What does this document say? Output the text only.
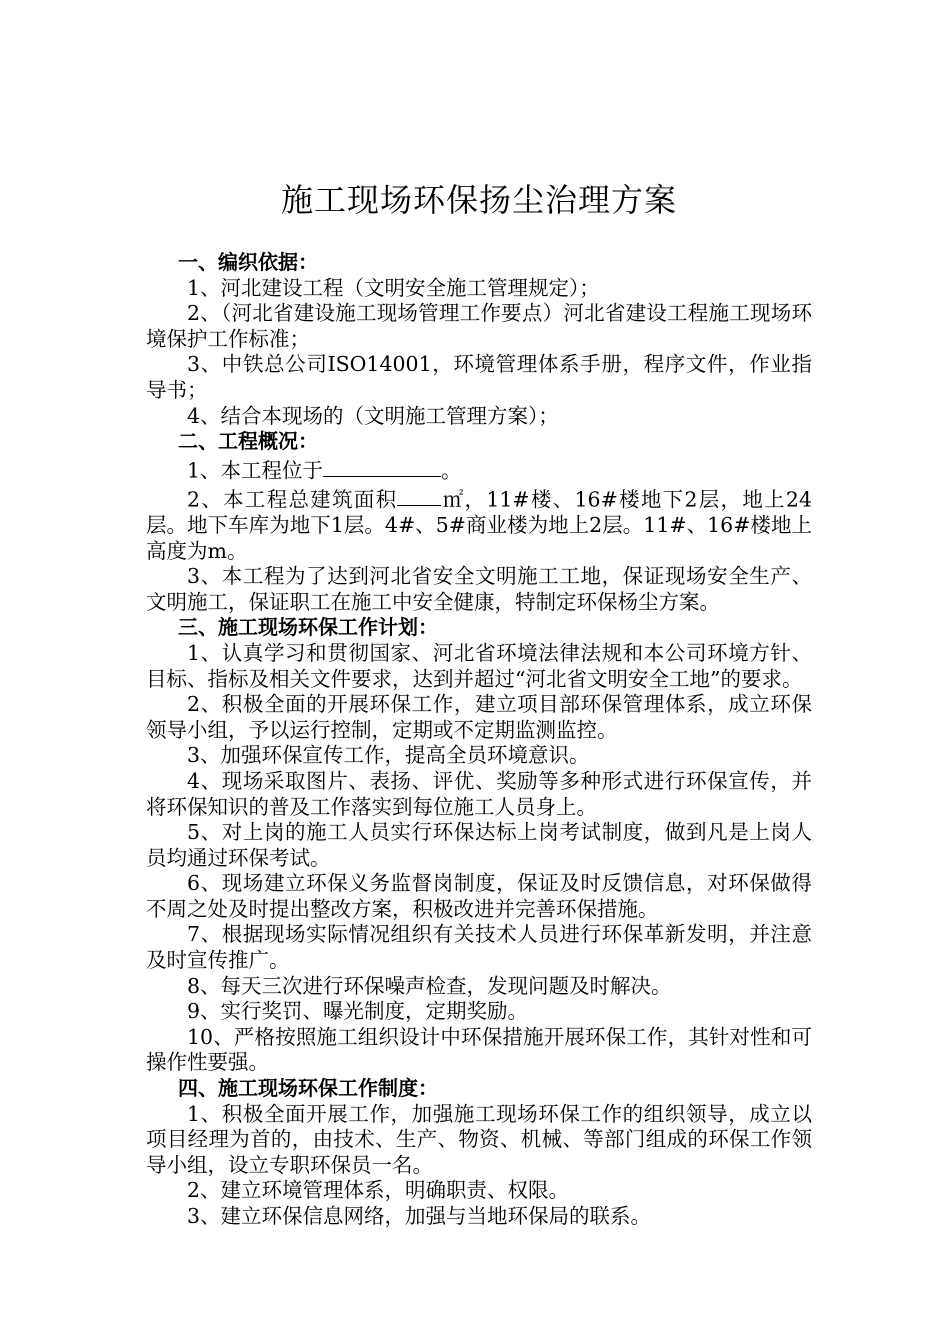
施工现场环保扬尘治理方案

一、编织依据：

1、河北建设工程（文明安全施工管理规定）；

2、（河北省建设施工现场管理工作要点）河北省建设工程施工现场环境保护工作标准；

3、中铁总公司ISO14001，环境管理体系手册，程序文件，作业指导书；

4、结合本现场的（文明施工管理方案）；

二、工程概况：

1、本工程位于	。

2、本工程总建筑面积 ㎡，11#楼、16#楼地下2层，地上24层。地下车库为地下1层。4#、5#商业楼为地上2层。11#、16#楼地上高度为m。

3、本工程为了达到河北省安全文明施工工地，保证现场安全生产、文明施工，保证职工在施工中安全健康，特制定环保杨尘方案。

三、施工现场环保工作计划：

1、认真学习和贯彻国家、河北省环境法律法规和本公司环境方针、目标、指标及相关文件要求，达到并超过“河北省文明安全工地”的要求。

2、积极全面的开展环保工作，建立项目部环保管理体系，成立环保领导小组，予以运行控制，定期或不定期监测监控。

3、加强环保宣传工作，提高全员环境意识。

4、现场采取图片、表扬、评优、奖励等多种形式进行环保宣传，并将环保知识的普及工作落实到每位施工人员身上。

5、对上岗的施工人员实行环保达标上岗考试制度，做到凡是上岗人员均通过环保考试。

6、现场建立环保义务监督岗制度，保证及时反馈信息，对环保做得不周之处及时提出整改方案，积极改进并完善环保措施。

7、根据现场实际情况组织有关技术人员进行环保革新发明，并注意及时宣传推广。

8、每天三次进行环保噪声检查，发现问题及时解决。

9、实行奖罚、曝光制度，定期奖励。

10、严格按照施工组织设计中环保措施开展环保工作，其针对性和可操作性要强。

四、施工现场环保工作制度：

1、积极全面开展工作，加强施工现场环保工作的组织领导，成立以项目经理为首的，由技术、生产、物资、机械、等部门组成的环保工作领导小组，设立专职环保员一名。

2、建立环境管理体系，明确职责、权限。

3、建立环保信息网络，加强与当地环保局的联系。
